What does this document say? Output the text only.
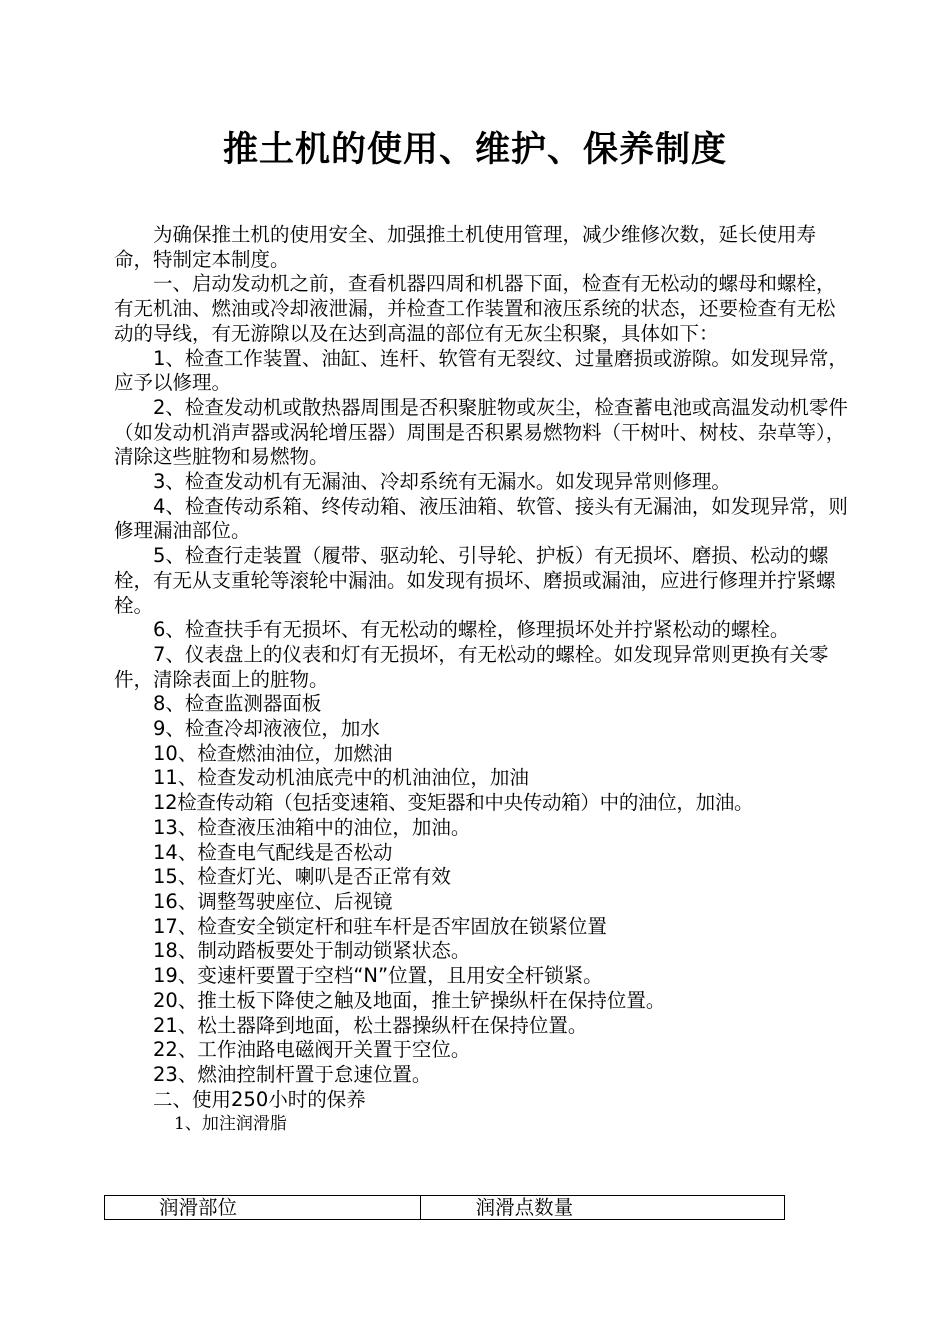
推土机的使用、维护、保养制度

为确保推土机的使用安全、加强推土机使用管理，减少维修次数，延长使用寿命，特制定本制度。

一、启动发动机之前，查看机器四周和机器下面，检查有无松动的螺母和螺栓，有无机油、燃油或冷却液泄漏，并检查工作装置和液压系统的状态，还要检查有无松动的导线，有无游隙以及在达到高温的部位有无灰尘积聚，具体如下：

1、检查工作装置、油缸、连杆、软管有无裂纹、过量磨损或游隙。如发现异常，应予以修理。

2、检查发动机或散热器周围是否积聚脏物或灰尘，检查蓄电池或高温发动机零件（如发动机消声器或涡轮增压器）周围是否积累易燃物料（干树叶、树枝、杂草等），清除这些脏物和易燃物。

3、检查发动机有无漏油、冷却系统有无漏水。如发现异常则修理。

4、检查传动系箱、终传动箱、液压油箱、软管、接头有无漏油，如发现异常，则修理漏油部位。

5、检查行走装置（履带、驱动轮、引导轮、护板）有无损坏、磨损、松动的螺栓，有无从支重轮等滚轮中漏油。如发现有损坏、磨损或漏油，应进行修理并拧紧螺栓。

6、检查扶手有无损坏、有无松动的螺栓，修理损坏处并拧紧松动的螺栓。

7、仪表盘上的仪表和灯有无损坏，有无松动的螺栓。如发现异常则更换有关零件，清除表面上的脏物。

8、检查监测器面板

9、检查冷却液液位，加水

10、检查燃油油位，加燃油

11、检查发动机油底壳中的机油油位，加油

12检查传动箱（包括变速箱、变矩器和中央传动箱）中的油位，加油。

13、检查液压油箱中的油位，加油。

14、检查电气配线是否松动

15、检查灯光、喇叭是否正常有效

16、调整驾驶座位、后视镜

17、检查安全锁定杆和驻车杆是否牢固放在锁紧位置

18、制动踏板要处于制动锁紧状态。

19、变速杆要置于空档“N”位置，且用安全杆锁紧。

20、推土板下降使之触及地面，推土铲操纵杆在保持位置。

21、松土器降到地面，松土器操纵杆在保持位置。

22、工作油路电磁阀开关置于空位。

23、燃油控制杆置于怠速位置。

二、使用250小时的保养

1、加注润滑脂
润滑部位	润滑点数量
